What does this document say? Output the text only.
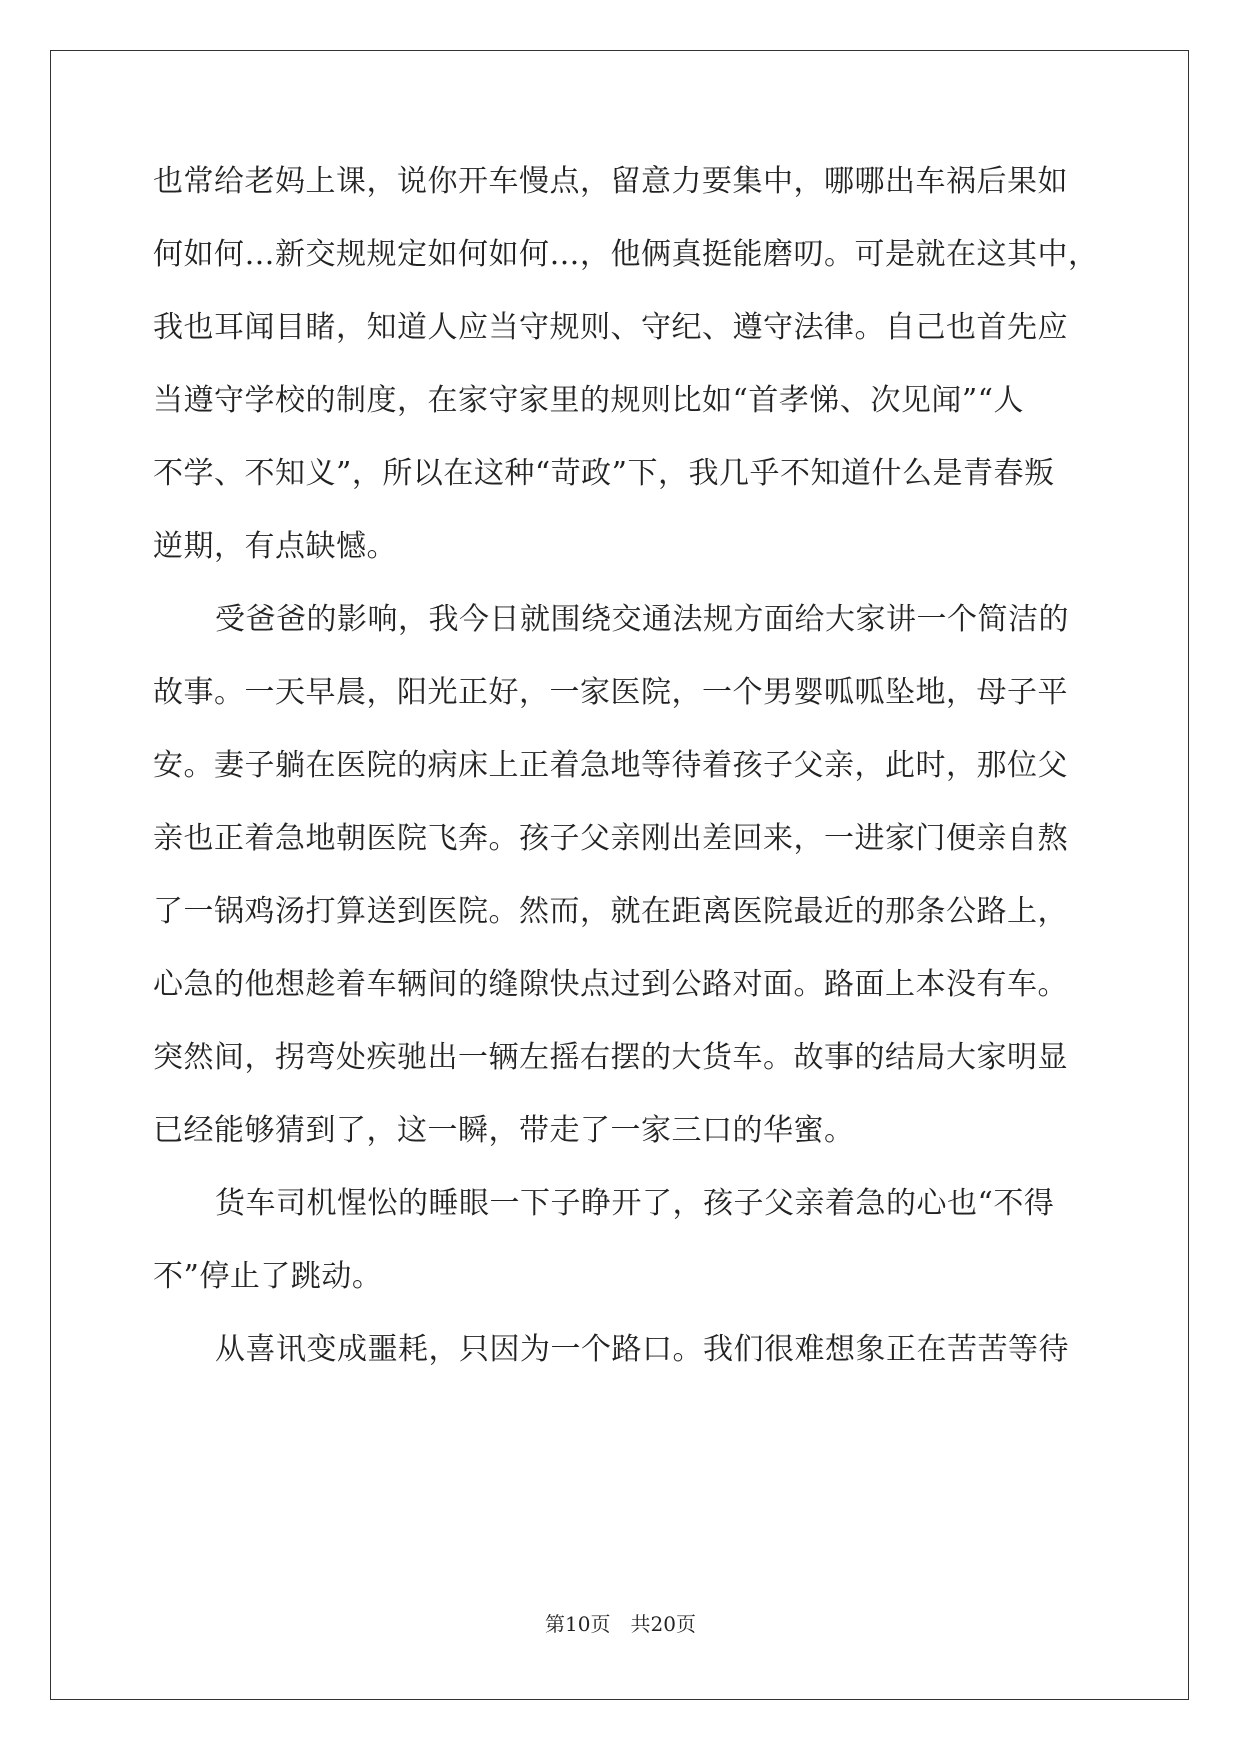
也常给老妈上课，说你开车慢点，留意力要集中，哪哪出车祸后果如
何如何…新交规规定如何如何…，他俩真挺能磨叨。可是就在这其中，
我也耳闻目睹，知道人应当守规则、守纪、遵守法律。自己也首先应
当遵守学校的制度，在家守家里的规则比如“首孝悌、次见闻”“人
不学、不知义”，所以在这种“苛政”下，我几乎不知道什么是青春叛
逆期，有点缺憾。
受爸爸的影响，我今日就围绕交通法规方面给大家讲一个简洁的
故事。一天早晨，阳光正好，一家医院，一个男婴呱呱坠地，母子平
安。妻子躺在医院的病床上正着急地等待着孩子父亲，此时，那位父
亲也正着急地朝医院飞奔。孩子父亲刚出差回来，一进家门便亲自熬
了一锅鸡汤打算送到医院。然而，就在距离医院最近的那条公路上，
心急的他想趁着车辆间的缝隙快点过到公路对面。路面上本没有车。
突然间，拐弯处疾驰出一辆左摇右摆的大货车。故事的结局大家明显
已经能够猜到了，这一瞬，带走了一家三口的华蜜。
货车司机惺忪的睡眼一下子睁开了，孩子父亲着急的心也“不得
不”停止了跳动。
从喜讯变成噩耗，只因为一个路口。我们很难想象正在苦苦等待
第10页 共20页
